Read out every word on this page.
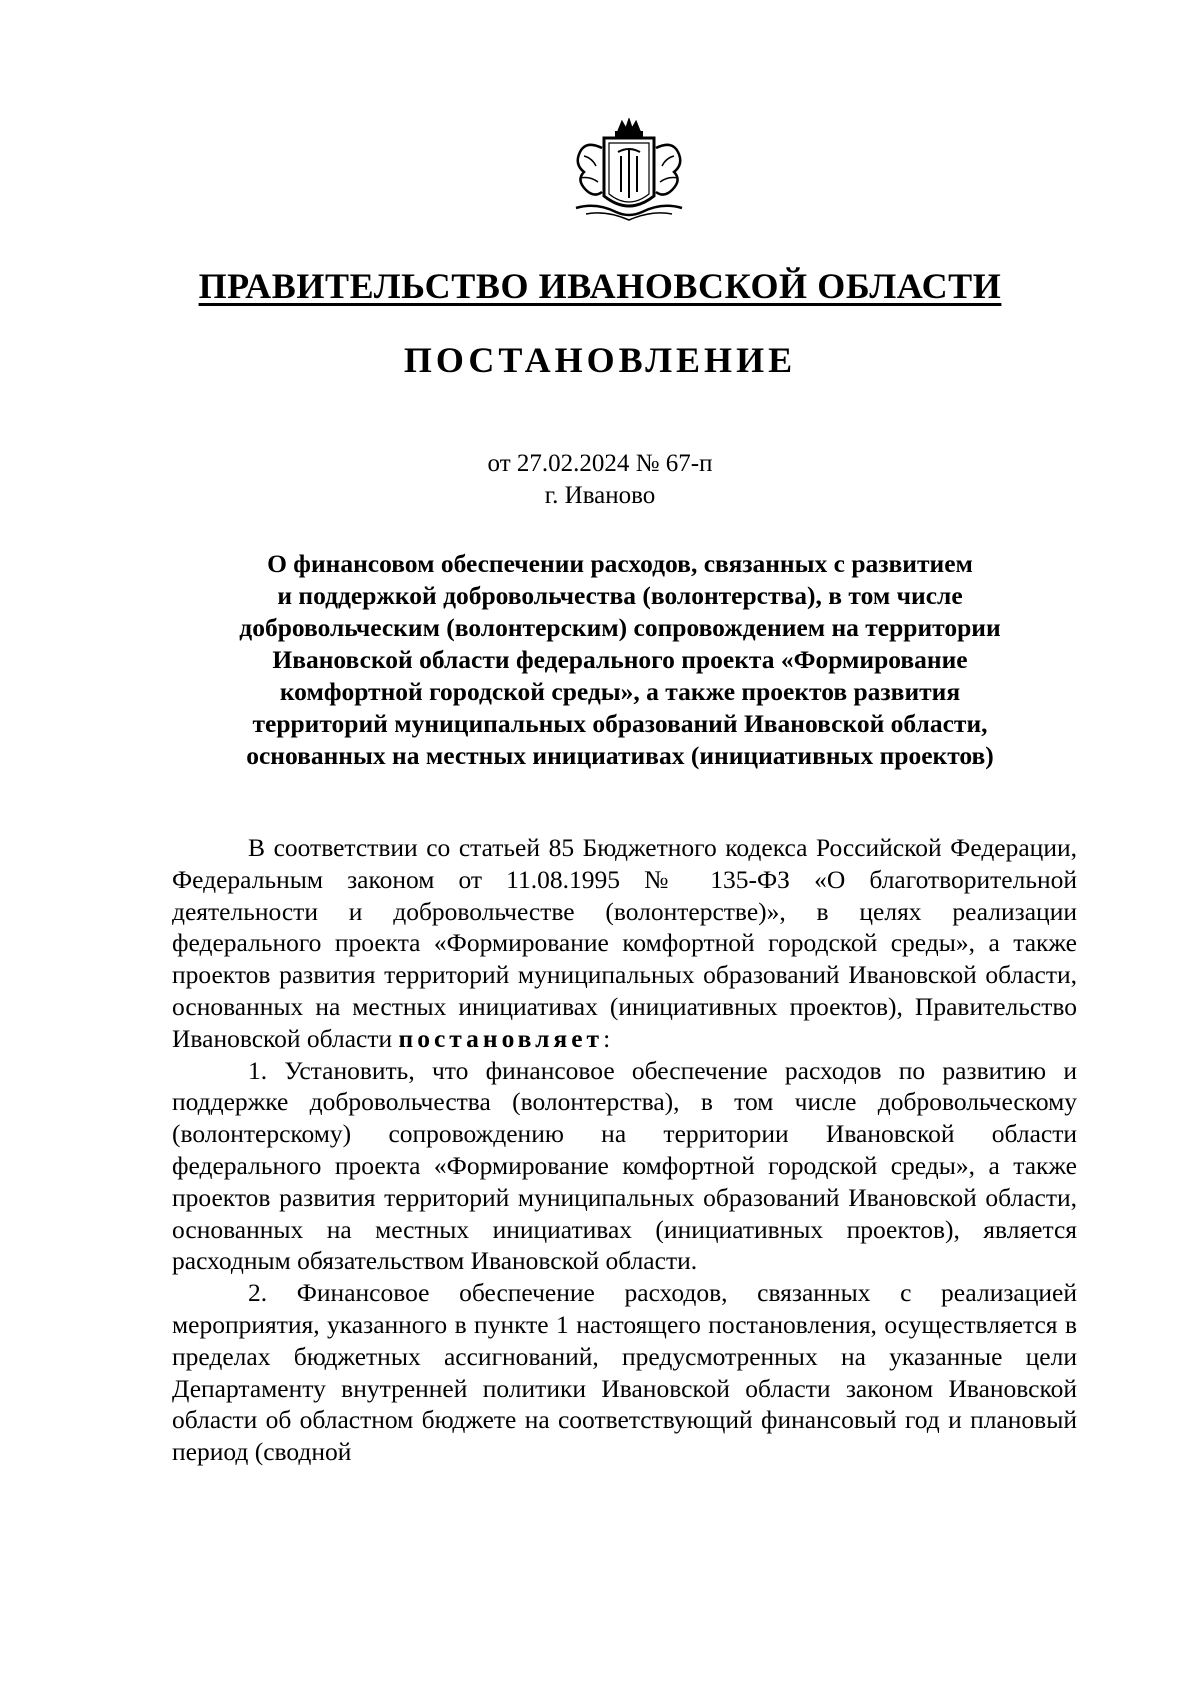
ПРАВИТЕЛЬСТВО ИВАНОВСКОЙ ОБЛАСТИ
ПОСТАНОВЛЕНИЕ
от 27.02.2024 № 67-п
г. Иваново
О финансовом обеспечении расходов, связанных с развитием
и поддержкой добровольчества (волонтерства), в том числе
добровольческим (волонтерским) сопровождением на территории
Ивановской области федерального проекта «Формирование
комфортной городской среды», а также проектов развития
территорий муниципальных образований Ивановской области,
основанных на местных инициативах (инициативных проектов)

В соответствии со статьей 85 Бюджетного кодекса Российской Федерации, Федеральным законом от 11.08.1995 № 135-ФЗ «О благотворительной деятельности и добровольчестве (волонтерстве)», в целях реализации федерального проекта «Формирование комфортной городской среды», а также проектов развития территорий муниципальных образований Ивановской области, основанных на местных инициативах (инициативных проектов), Правительство Ивановской области постановляет:

1. Установить, что финансовое обеспечение расходов по развитию и поддержке добровольчества (волонтерства), в том числе добровольческому (волонтерскому) сопровождению на территории Ивановской области федерального проекта «Формирование комфортной городской среды», а также проектов развития территорий муниципальных образований Ивановской области, основанных на местных инициативах (инициативных проектов), является расходным обязательством Ивановской области.

2. Финансовое обеспечение расходов, связанных с реализацией мероприятия, указанного в пункте 1 настоящего постановления, осуществляется в пределах бюджетных ассигнований, предусмотренных на указанные цели Департаменту внутренней политики Ивановской области законом Ивановской области об областном бюджете на соответствующий финансовый год и плановый период (сводной
